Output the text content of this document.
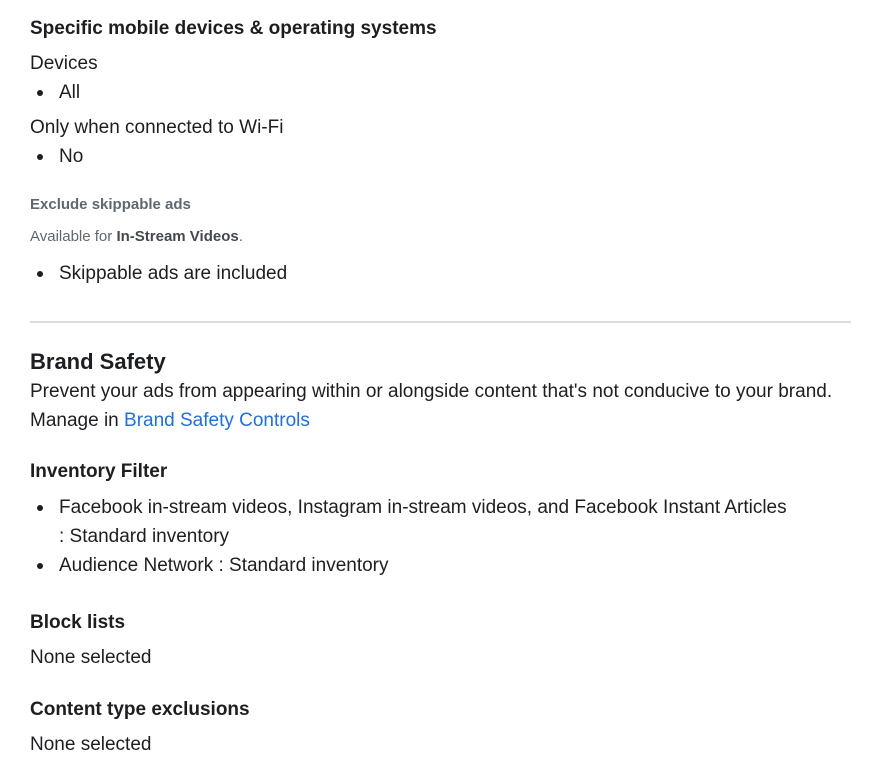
Specific mobile devices & operating systems
Devices
All
Only when connected to Wi-Fi
No
Exclude skippable ads
Available for In-Stream Videos.
Skippable ads are included
Brand Safety
Prevent your ads from appearing within or alongside content that's not conducive to your brand. Manage in Brand Safety Controls
Inventory Filter
Facebook in-stream videos, Instagram in-stream videos, and Facebook Instant Articles : Standard inventory
Audience Network : Standard inventory
Block lists
None selected
Content type exclusions
None selected
